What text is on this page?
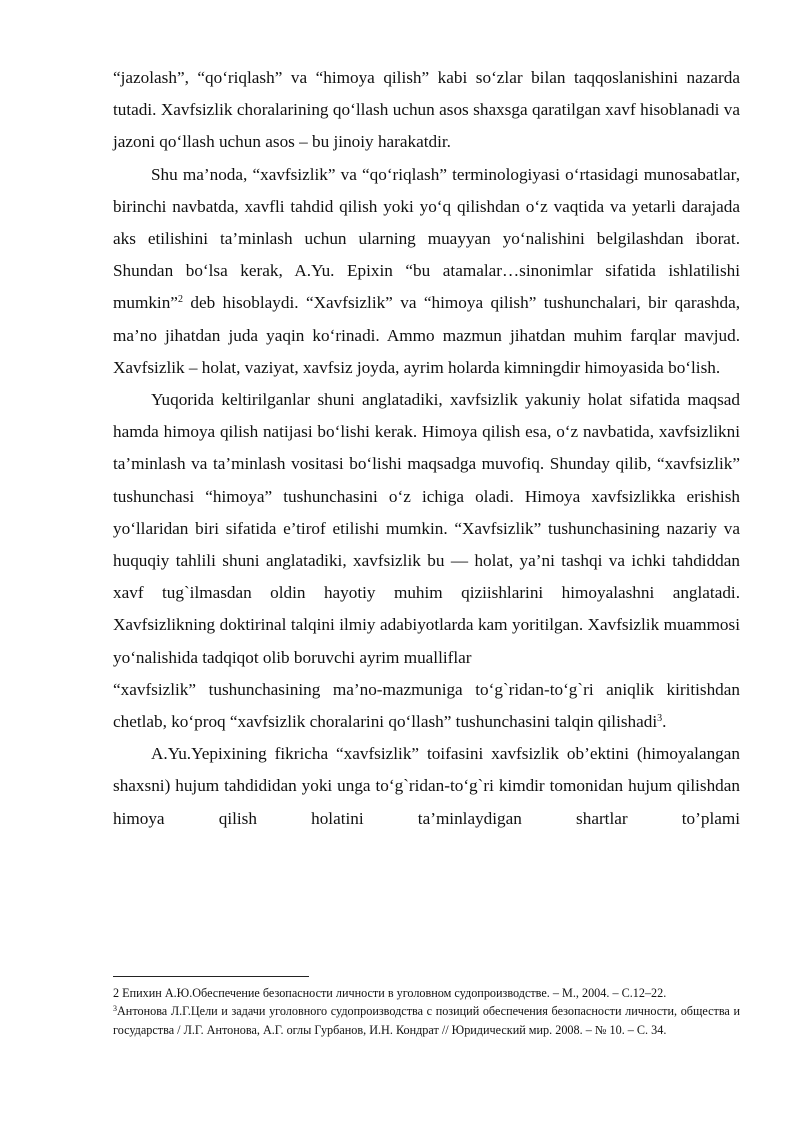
“jazolash”, “qo‘riqlash” va “himoya qilish” kabi so‘zlar bilan taqqoslanishini nazarda tutadi. Xavfsizlik choralarining qo‘llash uchun asos shaxsga qaratilgan xavf hisoblanadi va jazoni qo‘llash uchun asos – bu jinoiy harakatdir.

Shu ma’noda, “xavfsizlik” va “qo‘riqlash” terminologiyasi o‘rtasidagi munosabatlar, birinchi navbatda, xavfli tahdid qilish yoki yo‘q qilishdan o‘z vaqtida va yetarli darajada aks etilishini ta’minlash uchun ularning muayyan yo‘nalishini belgilashdan iborat. Shundan bo‘lsa kerak, A.Yu. Epixin “bu atamalar…sinonimlar sifatida ishlatilishi mumkin”$^2$ deb hisoblaydi. “Xavfsizlik” va “himoya qilish” tushunchalari, bir qarashda, ma’no jihatdan juda yaqin ko‘rinadi. Ammo mazmun jihatdan muhim farqlar mavjud. Xavfsizlik – holat, vaziyat, xavfsiz joyda, ayrim holarda kimningdir himoyasida bo‘lish.

Yuqorida keltirilganlar shuni anglatadiki, xavfsizlik yakuniy holat sifatida maqsad hamda himoya qilish natijasi bo‘lishi kerak. Himoya qilish esa, o‘z navbatida, xavfsizlikni ta’minlash va ta’minlash vositasi bo‘lishi maqsadga muvofiq. Shunday qilib, “xavfsizlik” tushunchasi “himoya” tushunchasini o‘z ichiga oladi. Himoya xavfsizlikka erishish yo‘llaridan biri sifatida e’tirof etilishi mumkin. “Xavfsizlik” tushunchasining nazariy va huquqiy tahlili shuni anglatadiki, xavfsizlik bu — holat, ya’ni tashqi va ichki tahdiddan xavf tug`ilmasdan oldin hayotiy muhim qiziishlarini himoyalashni anglatadi. Xavfsizlikning doktirinal talqini ilmiy adabiyotlarda kam yoritilgan. Xavfsizlik muammosi yo‘nalishida tadqiqot olib boruvchi ayrim mualliflar

“xavfsizlik” tushunchasining ma’no-mazmuniga to‘g`ridan-to‘g`ri aniqlik kiritishdan chetlab, ko‘proq “xavfsizlik choralarini qo‘llash” tushunchasini talqin qilishadi$^3$.

A.Yu.Yepixining fikricha “xavfsizlik” toifasini xavfsizlik ob’ektini (himoyalangan shaxsni) hujum tahdididan yoki unga to‘g`ridan-to‘g`ri kimdir tomonidan hujum qilishdan himoya qilish holatini ta’minlaydigan shartlar to’plami

2 Епихин А.Ю.Обеспечение безопасности личности в уголовном судопроизводстве. – М., 2004. – С.12–22.

$^3$Антонова Л.Г.Цели и задачи уголовного судопроизводства с позиций обеспечения безопасности личности, общества и государства / Л.Г. Антонова, А.Г. оглы Гурбанов, И.Н. Кондрат // Юридический мир. 2008. – № 10. – С. 34.
